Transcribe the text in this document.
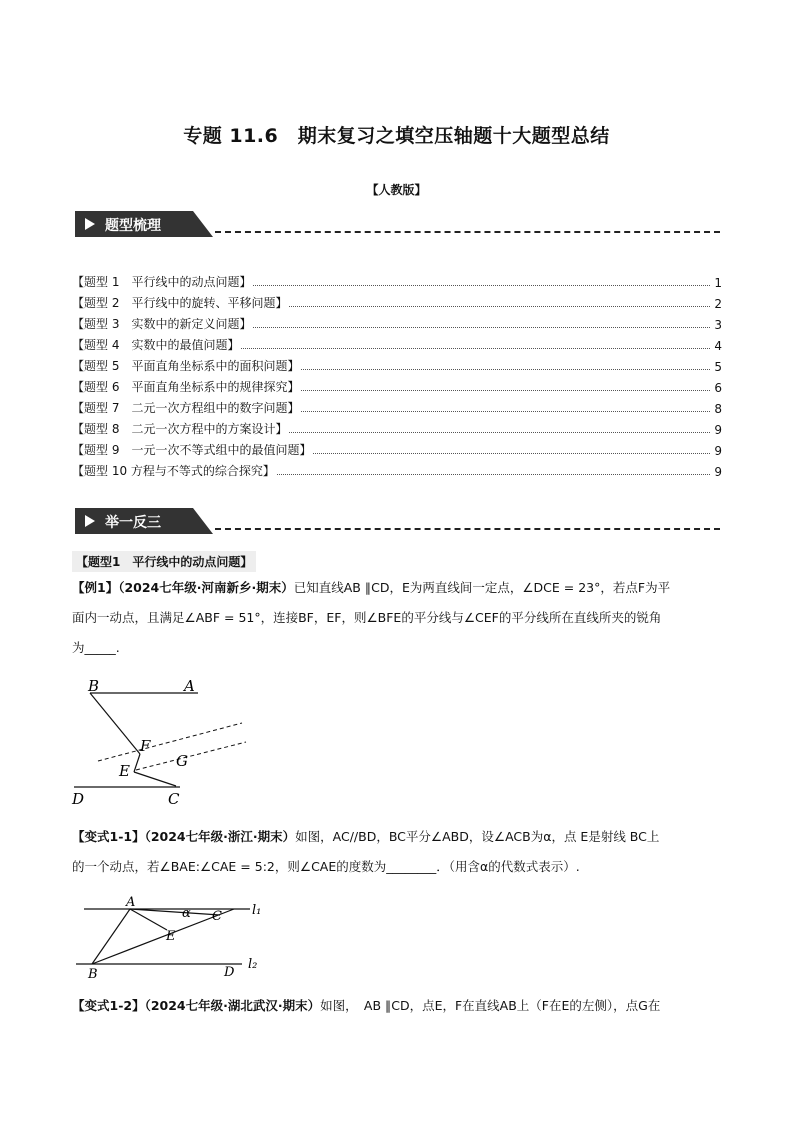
专题 11.6　期末复习之填空压轴题十大题型总结
【人教版】
题型梳理
【题型 1　平行线中的动点问题】	1
【题型 2　平行线中的旋转、平移问题】	2
【题型 3　实数中的新定义问题】	3
【题型 4　实数中的最值问题】	4
【题型 5　平面直角坐标系中的面积问题】	5
【题型 6　平面直角坐标系中的规律探究】	6
【题型 7　二元一次方程组中的数字问题】	8
【题型 8　二元一次方程中的方案设计】	9
【题型 9　一元一次不等式组中的最值问题】	9
【题型 10 方程与不等式的综合探究】	9
举一反三
【题型1　平行线中的动点问题】
【例1】（2024七年级·河南新乡·期末）已知直线AB ∥CD，E为两直线间一定点，∠DCE = 23°，若点F为平
面内一动点，且满足∠ABF = 51°，连接BF，EF，则∠BFE的平分线与∠CEF的平分线所在直线所夹的锐角
为_____.
B	A
F
G
E
D	C
【变式1-1】（2024七年级·浙江·期末）如图，AC//BD，BC平分∠ABD，设∠ACB为α，点 E是射线 BC上
的一个动点，若∠BAE:∠CAE = 5:2，则∠CAE的度数为________．（用含α的代数式表示）.
A
α C l₁
E
B	D
l₂
【变式1-2】（2024七年级·湖北武汉·期末）如图，　AB ∥CD，点E，F在直线AB上（F在E的左侧），点G在
